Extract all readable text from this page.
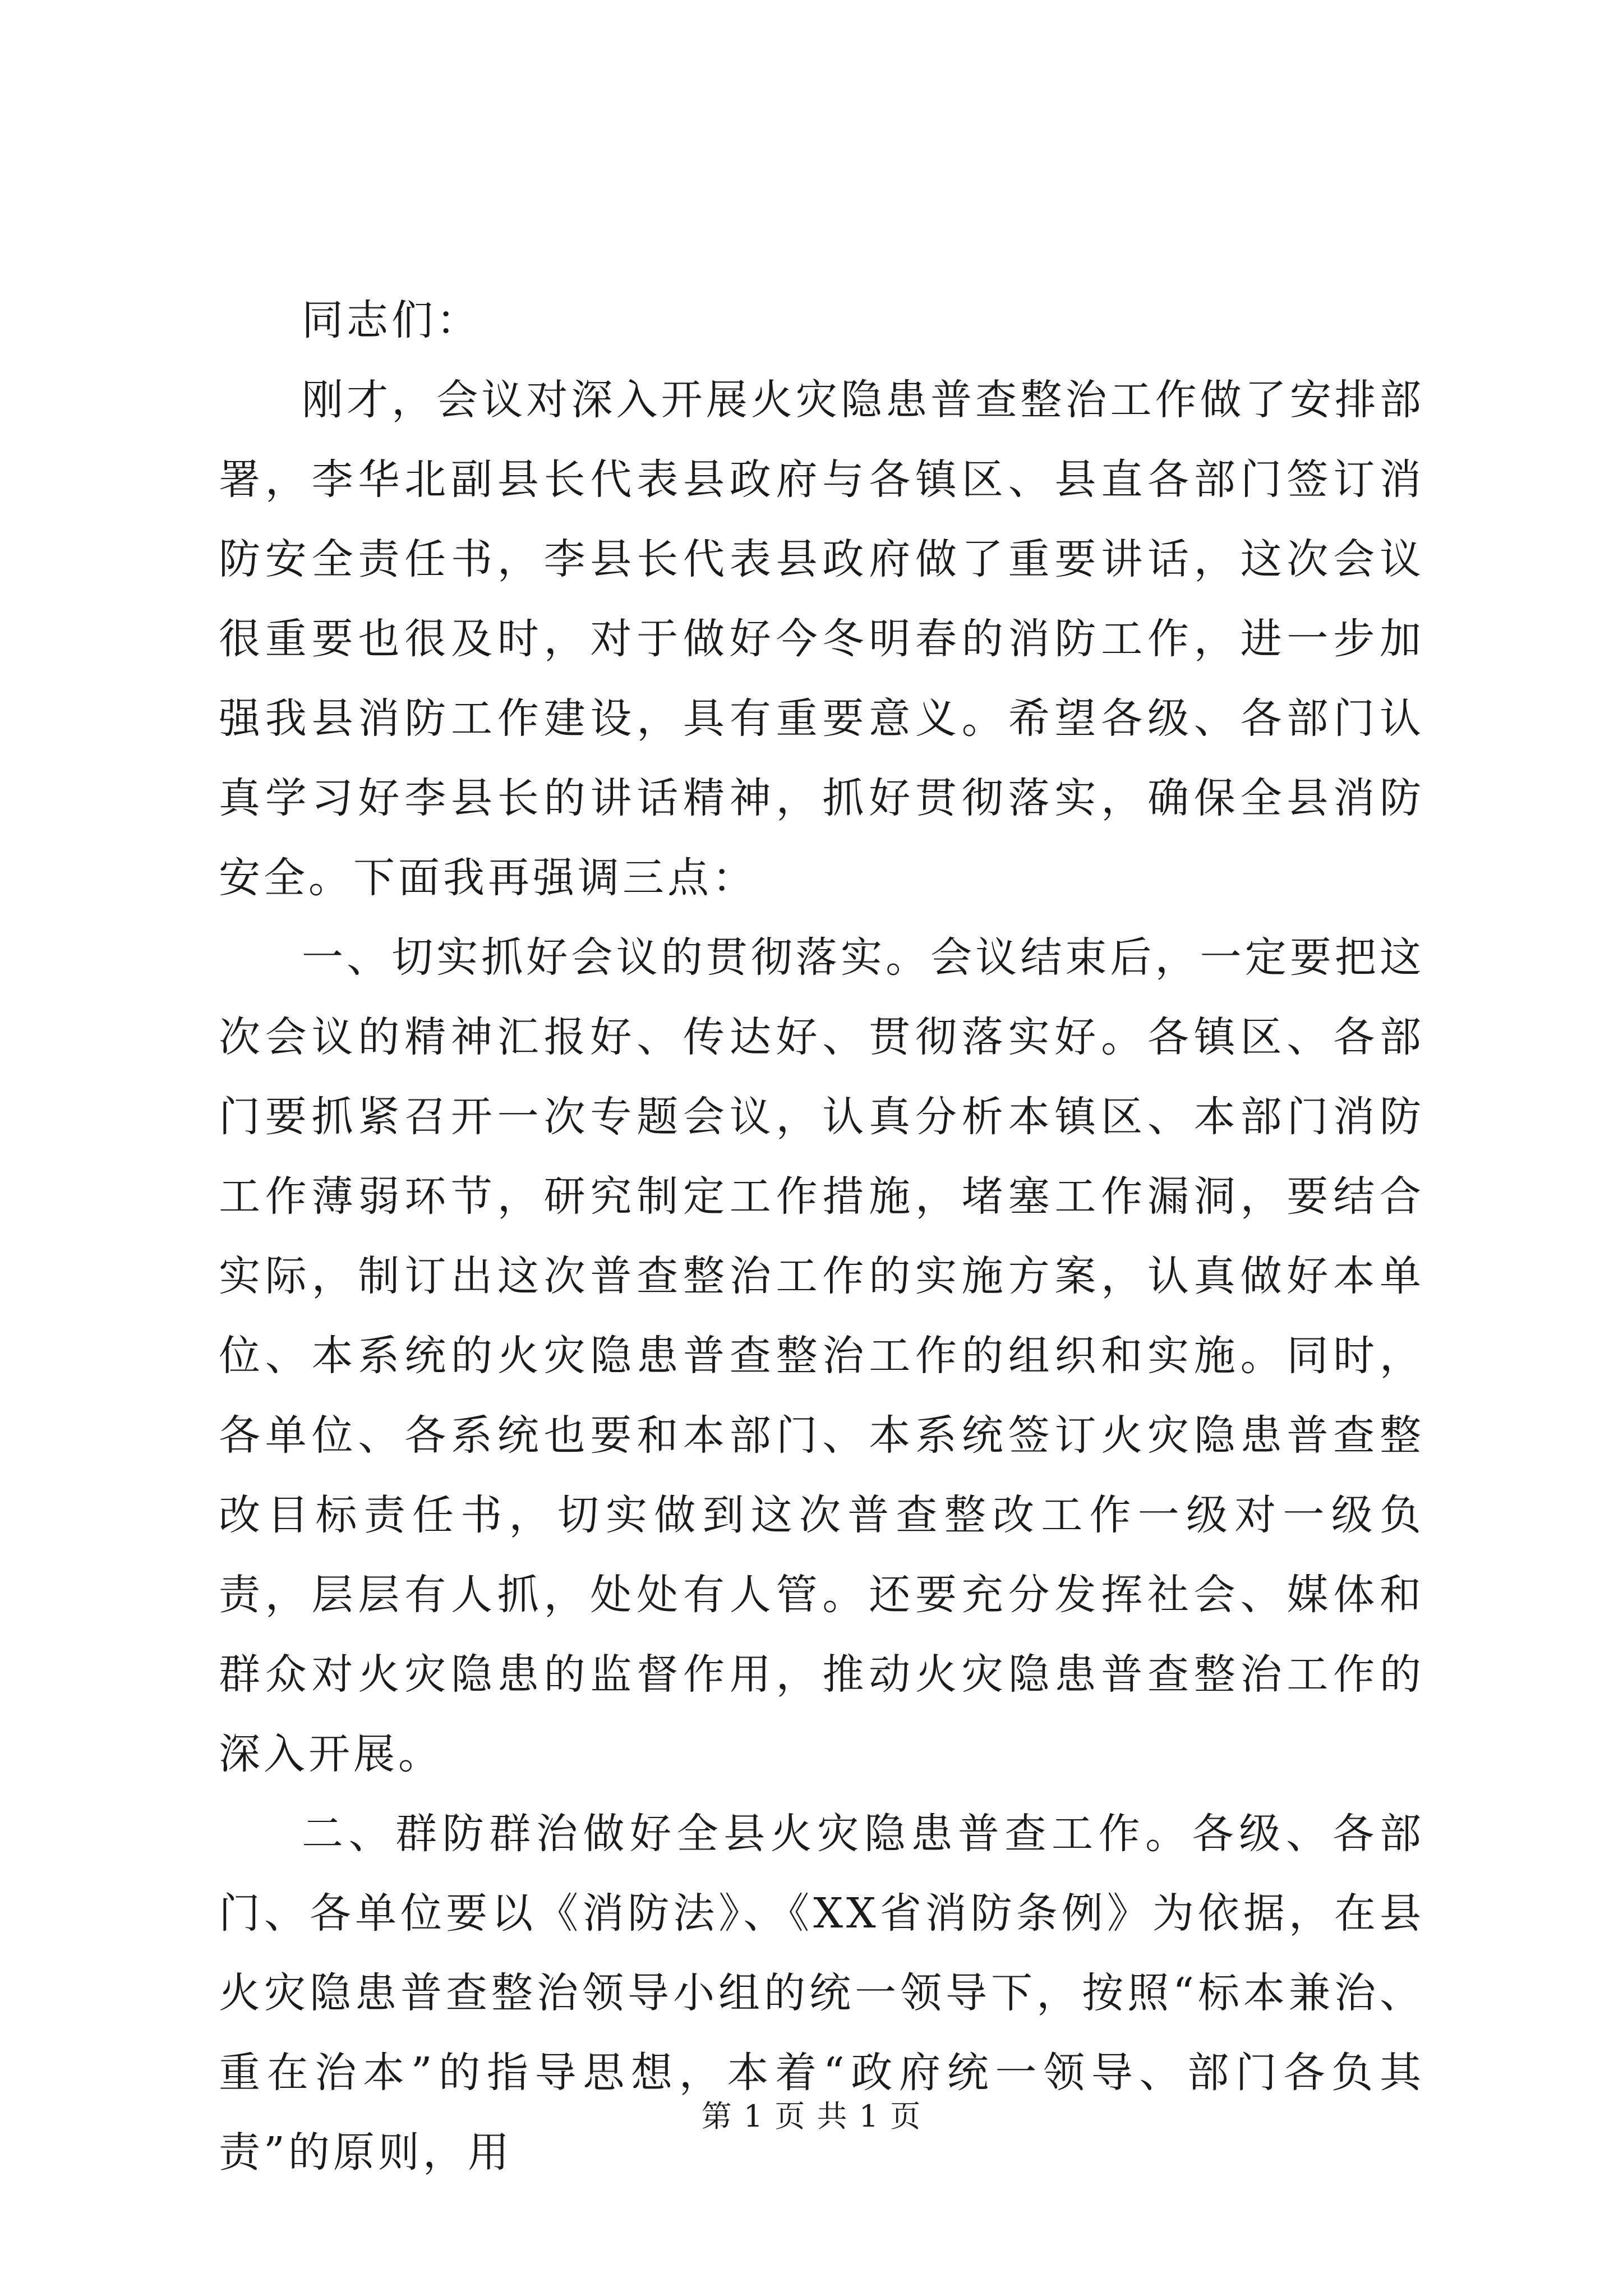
同志们：

刚才，会议对深入开展火灾隐患普查整治工作做了安排部署，李华北副县长代表县政府与各镇区、县直各部门签订消防安全责任书，李县长代表县政府做了重要讲话，这次会议很重要也很及时，对于做好今冬明春的消防工作，进一步加强我县消防工作建设，具有重要意义。希望各级、各部门认真学习好李县长的讲话精神，抓好贯彻落实，确保全县消防安全。下面我再强调三点：

一、切实抓好会议的贯彻落实。会议结束后，一定要把这次会议的精神汇报好、传达好、贯彻落实好。各镇区、各部门要抓紧召开一次专题会议，认真分析本镇区、本部门消防工作薄弱环节，研究制定工作措施，堵塞工作漏洞，要结合实际，制订出这次普查整治工作的实施方案，认真做好本单位、本系统的火灾隐患普查整治工作的组织和实施。同时，各单位、各系统也要和本部门、本系统签订火灾隐患普查整改目标责任书，切实做到这次普查整改工作一级对一级负责，层层有人抓，处处有人管。还要充分发挥社会、媒体和群众对火灾隐患的监督作用，推动火灾隐患普查整治工作的深入开展。

二、群防群治做好全县火灾隐患普查工作。各级、各部门、各单位要以《消防法》、《XX省消防条例》为依据，在县火灾隐患普查整治领导小组的统一领导下，按照“标本兼治、重在治本”的指导思想，本着“政府统一领导、部门各负其责”的原则，用

第 1 页 共 1 页
